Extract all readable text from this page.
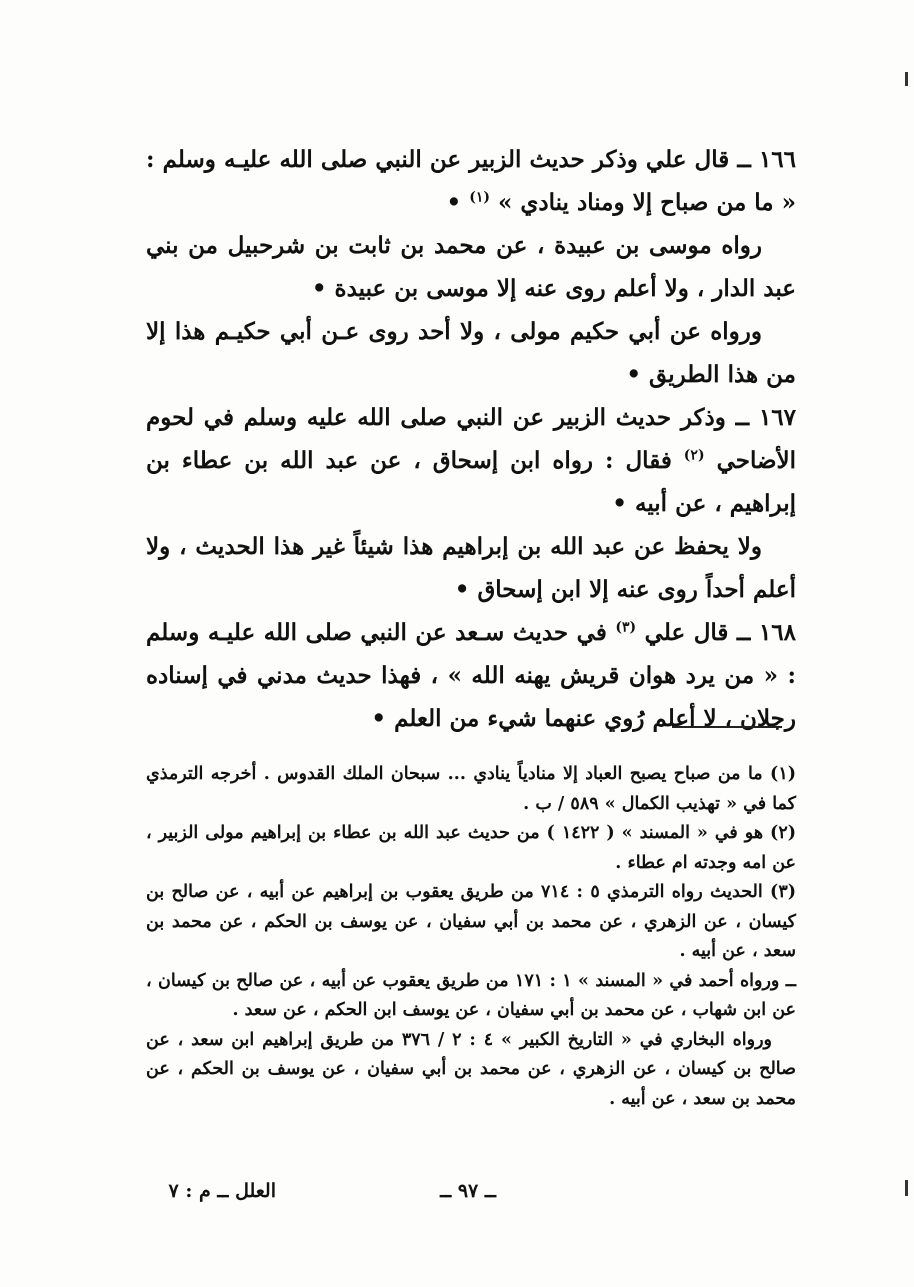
١٦٦ ــ قال علي وذكر حديث الزبير عن النبي صلى الله عليـه وسلم : « ما من صباح إلا ومناد ينادي » $^{(١)}$ •

رواه موسى بن عبيدة ، عن محمد بن ثابت بن شرحبيل من بني عبد الدار ، ولا أعلم روى عنه إلا موسى بن عبيدة •

ورواه عن أبي حكيم مولى ، ولا أحد روى عـن أبي حكيـم هذا إلا من هذا الطريق •

١٦٧ ــ وذكر حديث الزبير عن النبي صلى الله عليه وسلم في لحوم الأضاحي $^{(٢)}$ فقال : رواه ابن إسحاق ، عن عبد الله بن عطاء بن إبراهيم ، عن أبيه •

ولا يحفظ عن عبد الله بن إبراهيم هذا شيئاً غير هذا الحديث ، ولا أعلم أحداً روى عنه إلا ابن إسحاق •

١٦٨ ــ قال علي $^{(٣)}$ في حديث سـعد عن النبي صلى الله عليـه وسلم : « من يرد هوان قريش يهنه الله » ، فهذا حديث مدني في إسناده رجلان ، لا أعلم رُوي عنهما شيء من العلم •

(١) ما من صباح يصبح العباد إلا منادياً ينادي ... سبحان الملك القدوس . أخرجه الترمذي كما في « تهذيب الكمال » ٥٨٩ / ب .

(٢) هو في « المسند » ( ١٤٢٢ ) من حديث عبد الله بن عطاء بن إبراهيم مولى الزبير ، عن امه وجدته ام عطاء .

(٣) الحديث رواه الترمذي ٥ : ٧١٤ من طريق يعقوب بن إبراهيم عن أبيه ، عن صالح بن كيسان ، عن الزهري ، عن محمد بن أبي سفيان ، عن يوسف بن الحكم ، عن محمد بن سعد ، عن أبيه .

ــ ورواه أحمد في « المسند » ١ : ١٧١ من طريق يعقوب عن أبيه ، عن صالح بن كيسان ، عن ابن شهاب ، عن محمد بن أبي سفيان ، عن يوسف ابن الحكم ، عن سعد .

ورواه البخاري في « التاريخ الكبير » ٤ : ٢ / ٣٧٦ من طريق إبراهيم ابن سعد ، عن صالح بن كيسان ، عن الزهري ، عن محمد بن أبي سفيان ، عن يوسف بن الحكم ، عن محمد بن سعد ، عن أبيه .

ــ ٩٧ ــ
العلل ــ م : ٧
